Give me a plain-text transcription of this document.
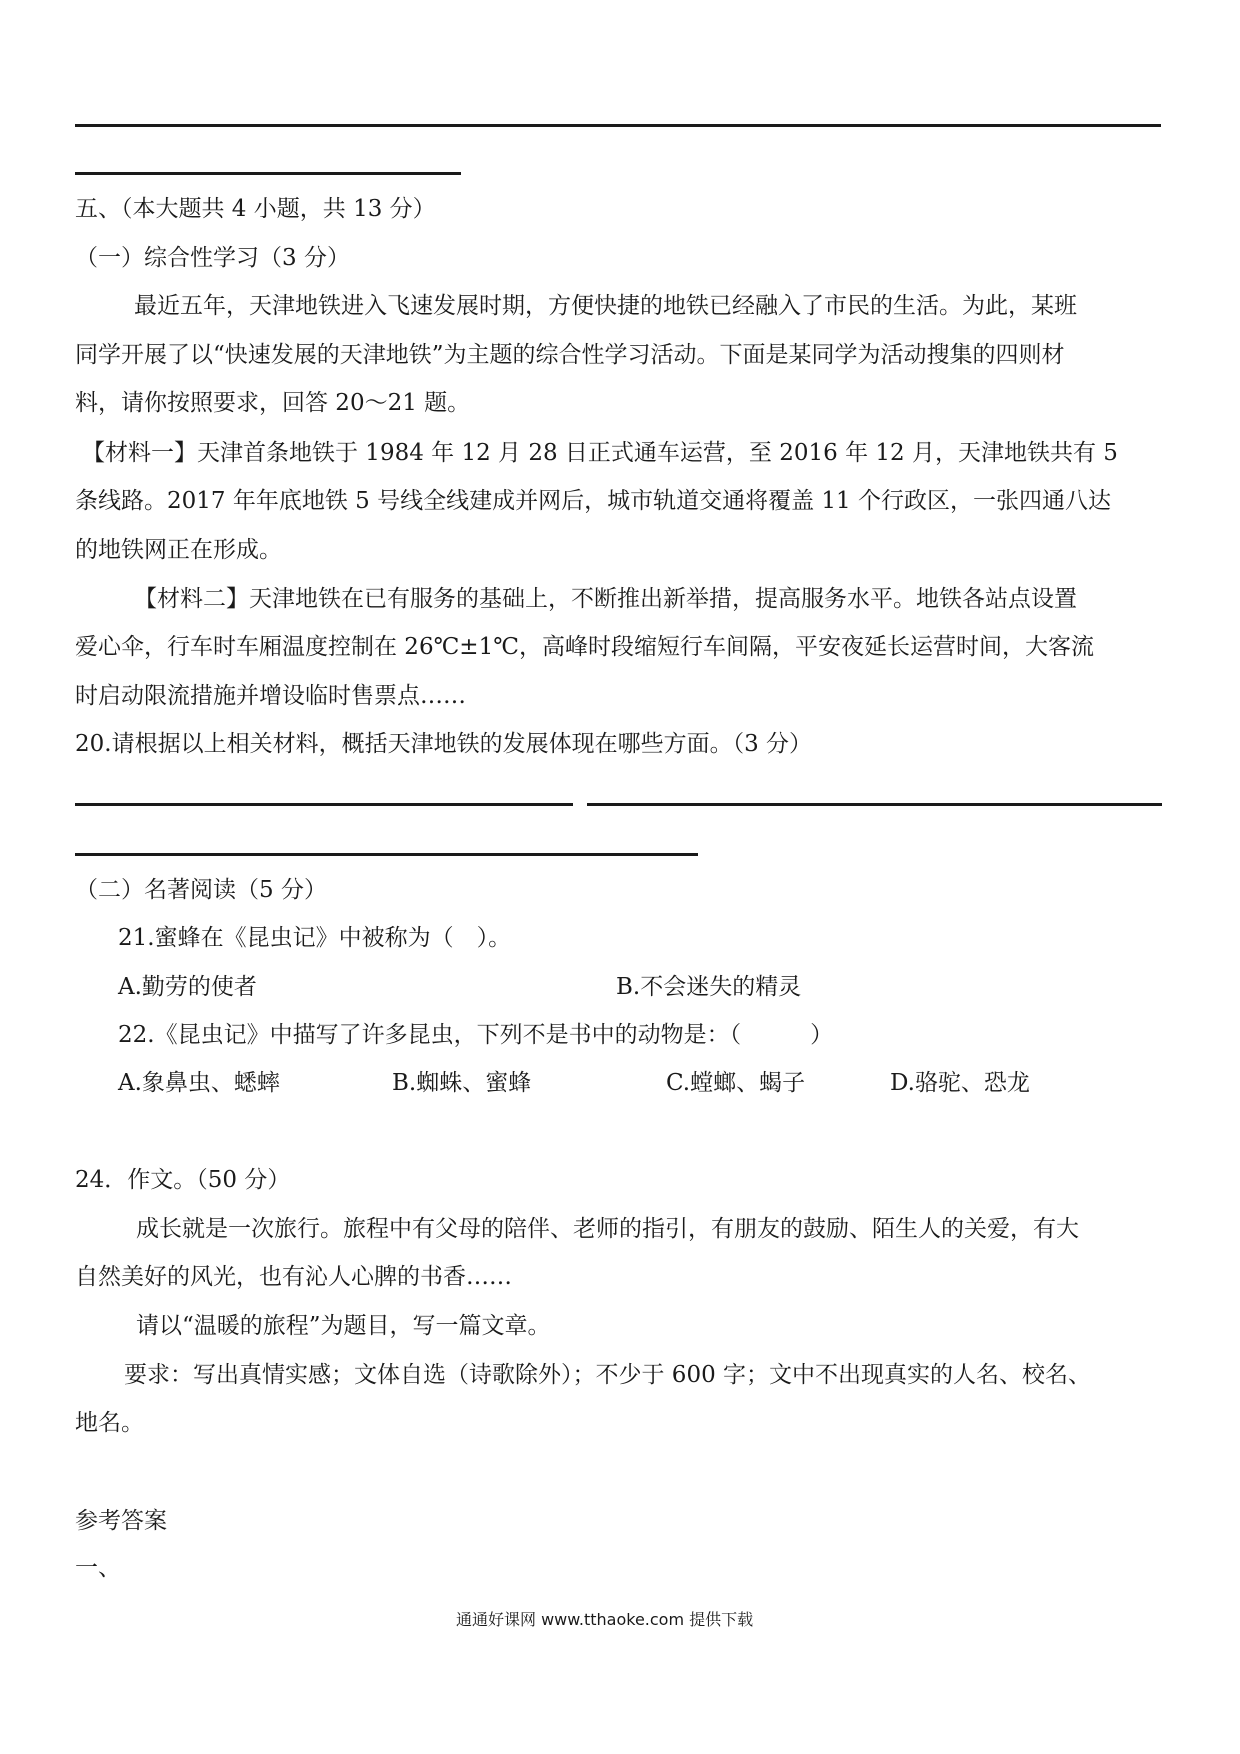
五、（本大题共 4 小题，共 13 分）
（一）综合性学习（3 分）
最近五年，天津地铁进入飞速发展时期，方便快捷的地铁已经融入了市民的生活。为此，某班
同学开展了以“快速发展的天津地铁”为主题的综合性学习活动。下面是某同学为活动搜集的四则材
料，请你按照要求，回答 20～21 题。
【材料一】天津首条地铁于 1984 年 12 月 28 日正式通车运营，至 2016 年 12 月，天津地铁共有 5
条线路。2017 年年底地铁 5 号线全线建成并网后，城市轨道交通将覆盖 11 个行政区，一张四通八达
的地铁网正在形成。
【材料二】天津地铁在已有服务的基础上，不断推出新举措，提高服务水平。地铁各站点设置
爱心伞，行车时车厢温度控制在 26℃±1℃，高峰时段缩短行车间隔，平安夜延长运营时间，大客流
时启动限流措施并增设临时售票点……
20.请根据以上相关材料，概括天津地铁的发展体现在哪些方面。（3 分）
（二）名著阅读（5 分）
21.蜜蜂在《昆虫记》中被称为（　）。
A.勤劳的使者	B.不会迷失的精灵
22.《昆虫记》中描写了许多昆虫，下列不是书中的动物是：（　　　）
A.象鼻虫、蟋蟀	B.蜘蛛、蜜蜂	C.螳螂、蝎子	D.骆驼、恐龙
24．作文。（50 分）
成长就是一次旅行。旅程中有父母的陪伴、老师的指引，有朋友的鼓励、陌生人的关爱，有大
自然美好的风光，也有沁人心脾的书香……
请以“温暖的旅程”为题目，写一篇文章。
要求：写出真情实感；文体自选（诗歌除外）；不少于 600 字；文中不出现真实的人名、校名、
地名。
参考答案
一、
通通好课网 www.tthaoke.com 提供下载
